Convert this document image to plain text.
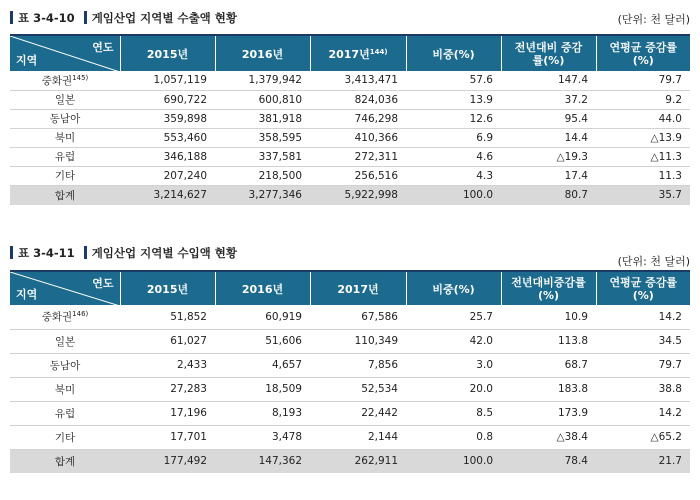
표 3-4-10 게임산업 지역별 수출액 현황	(단위: 천 달러)
연도
지역	2015년	2016년	2017년$^{144)}$	비중(%)	전년대비 증감률(%)	연평균 증감률(%)
중화권$^{145)}$	1,057,119	1,379,942	3,413,471	57.6	147.4	79.7
일본	690,722	600,810	824,036	13.9	37.2	9.2
동남아	359,898	381,918	746,298	12.6	95.4	44.0
북미	553,460	358,595	410,366	6.9	14.4	△13.9
유럽	346,188	337,581	272,311	4.6	△19.3	△11.3
기타	207,240	218,500	256,516	4.3	17.4	11.3
합계	3,214,627	3,277,346	5,922,998	100.0	80.7	35.7
표 3-4-11 게임산업 지역별 수입액 현황
(단위: 천 달러)
연도
지역	2015년	2016년	2017년	비중(%)	전년대비증감률 (%)	연평균 증감률(%)
중화권$^{146)}$	51,852	60,919	67,586	25.7	10.9	14.2
일본	61,027	51,606	110,349	42.0	113.8	34.5
동남아	2,433	4,657	7,856	3.0	68.7	79.7
북미	27,283	18,509	52,534	20.0	183.8	38.8
유럽	17,196	8,193	22,442	8.5	173.9	14.2
기타	17,701	3,478	2,144	0.8	△38.4	△65.2
합계	177,492	147,362	262,911	100.0	78.4	21.7
